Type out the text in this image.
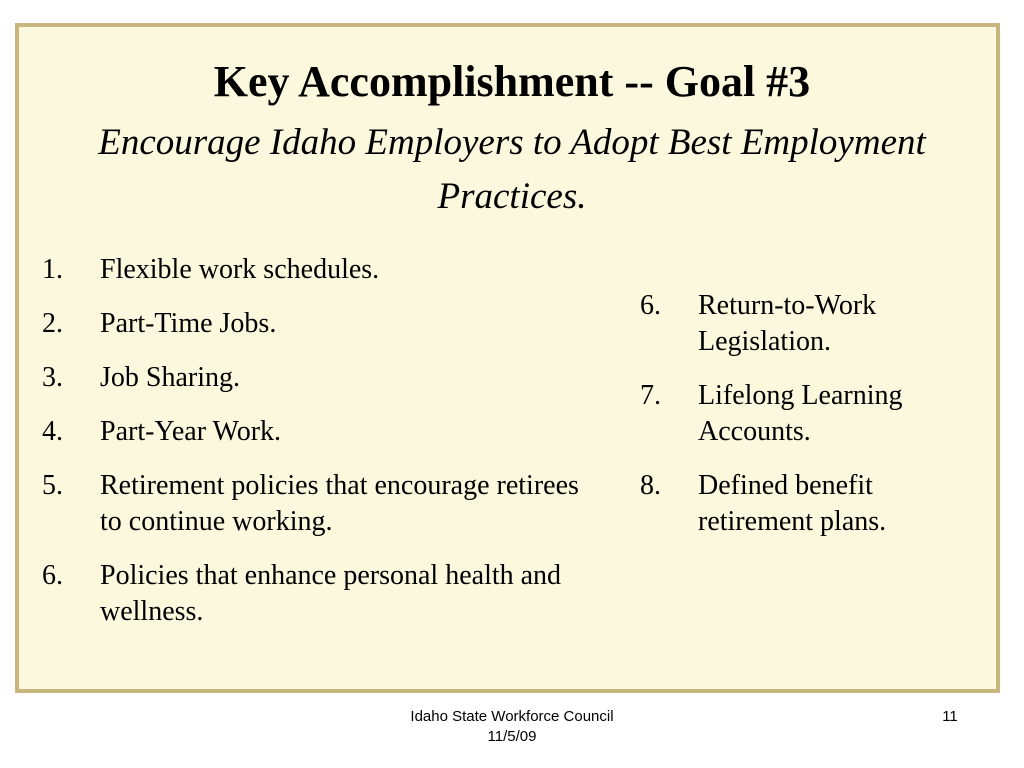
Key Accomplishment -- Goal #3
Encourage Idaho Employers to Adopt Best Employment Practices.
1.	Flexible work schedules.
2.	Part-Time Jobs.
3.	Job Sharing.
4.	Part-Year Work.
5.	Retirement policies that encourage retirees to continue working.
6.	Policies that enhance personal health and wellness.
6.	Return-to-Work Legislation.
7.	Lifelong Learning Accounts.
8.	Defined benefit retirement plans.
Idaho State Workforce Council
11/5/09
11
